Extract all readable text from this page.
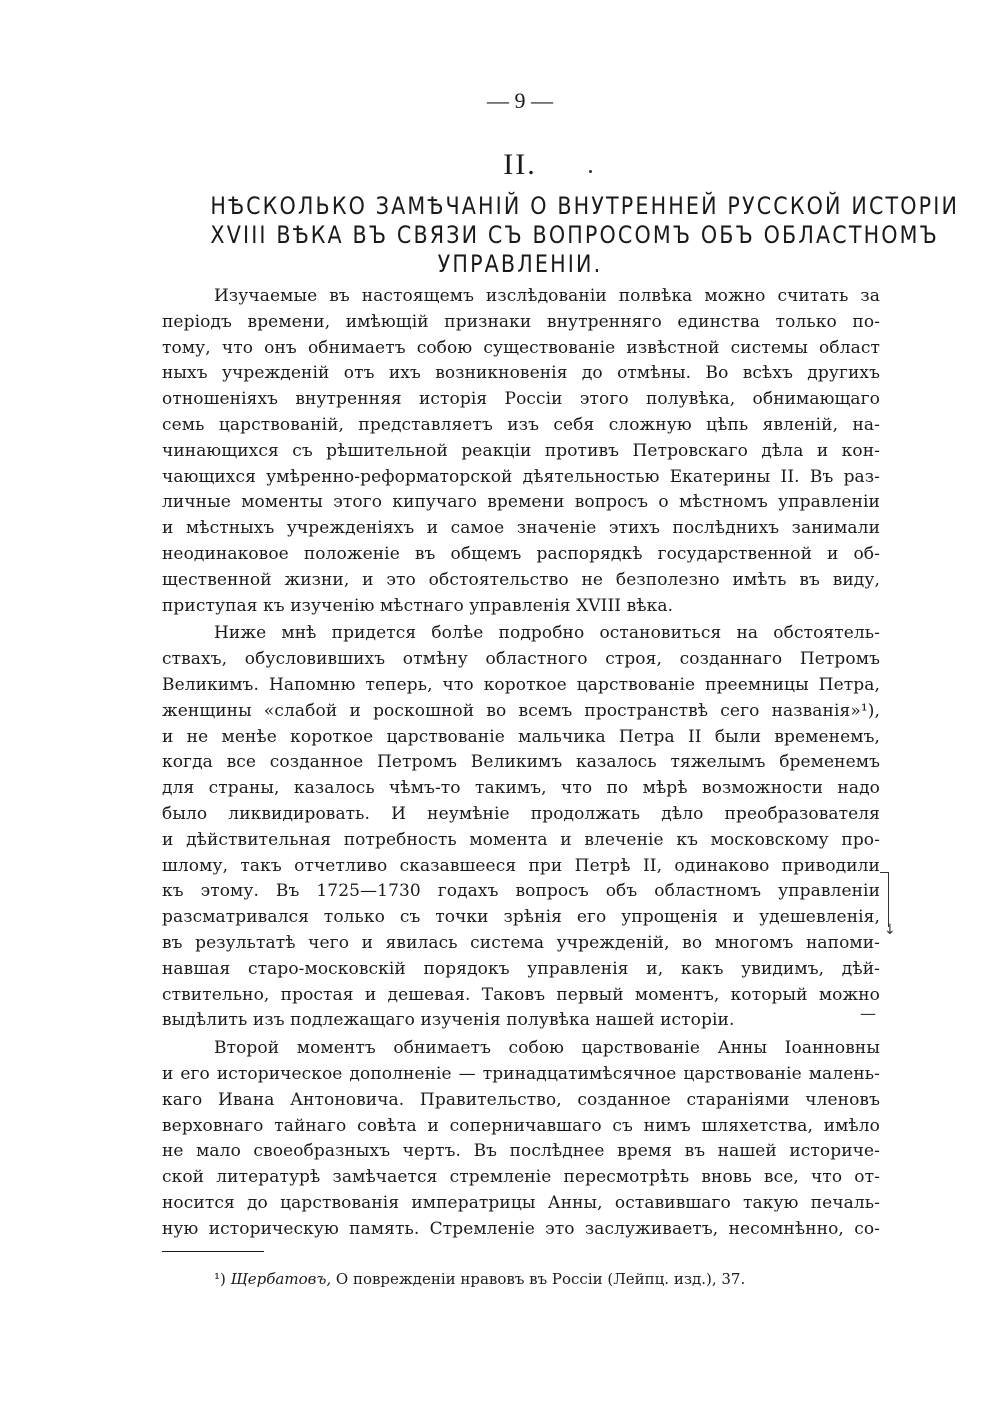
— 9 —
II.
НѢСКОЛЬКО ЗАМѢЧАНІЙ О ВНУТРЕННЕЙ РУССКОЙ ИСТОРІИ
XVIII ВѢКА ВЪ СВЯЗИ СЪ ВОПРОСОМЪ ОБЪ ОБЛАСТНОМЪ
УПРАВЛЕНІИ.

Изучаемые въ настоящемъ изслѣдованіи полвѣка можно считать за
періодъ времени, имѣющій признаки внутренняго единства только по-
тому, что онъ обнимаетъ собою существованіе извѣстной системы област
ныхъ учрежденій отъ ихъ возникновенія до отмѣны. Во всѣхъ другихъ
отношеніяхъ внутренняя исторія Россіи этого полувѣка, обнимающаго
семь царствованій, представляетъ изъ себя сложную цѣпь явленій, на-
чинающихся съ рѣшительной реакціи противъ Петровскаго дѣла и кон-
чающихся умѣренно-реформаторской дѣятельностью Екатерины II. Въ раз-
личные моменты этого кипучаго времени вопросъ о мѣстномъ управленіи
и мѣстныхъ учрежденіяхъ и самое значеніе этихъ послѣднихъ занимали
неодинаковое положеніе въ общемъ распорядкѣ государственной и об-
щественной жизни, и это обстоятельство не безполезно имѣть въ виду,
приступая къ изученію мѣстнаго управленія XVIII вѣка.

Ниже мнѣ придется болѣе подробно остановиться на обстоятель-
ствахъ, обусловившихъ отмѣну областного строя, созданнаго Петромъ
Великимъ. Напомню теперь, что короткое царствованіе преемницы Петра,
женщины «слабой и роскошной во всемъ пространствѣ сего названія»¹),
и не менѣе короткое царствованіе мальчика Петра II были временемъ,
когда все созданное Петромъ Великимъ казалось тяжелымъ бременемъ
для страны, казалось чѣмъ-то такимъ, что по мѣрѣ возможности надо
было ликвидировать. И неумѣніе продолжать дѣло преобразователя
и дѣйствительная потребность момента и влеченіе къ московскому про-
шлому, такъ отчетливо сказавшееся при Петрѣ II, одинаково приводили
къ этому. Въ 1725—1730 годахъ вопросъ объ областномъ управленіи
разсматривался только съ точки зрѣнія его упрощенія и удешевленія,
въ результатѣ чего и явилась система учрежденій, во многомъ напоми-
навшая старо-московскій порядокъ управленія и, какъ увидимъ, дѣй-
ствительно, простая и дешевая. Таковъ первый моментъ, который можно
выдѣлить изъ подлежащаго изученія полувѣка нашей исторіи.

Второй моментъ обнимаетъ собою царствованіе Анны Іоанновны
и его историческое дополненіе — тринадцатимѣсячное царствованіе малень-
каго Ивана Антоновича. Правительство, созданное стараніями членовъ
верховнаго тайнаго совѣта и соперничавшаго съ нимъ шляхетства, имѣло
не мало своеобразныхъ чертъ. Въ послѣднее время въ нашей историче-
ской литературѣ замѣчается стремленіе пересмотрѣть вновь все, что от-
носится до царствованія императрицы Анны, оставившаго такую печаль-
ную историческую память. Стремленіе это заслуживаетъ, несомнѣнно, со-

↓
—
¹) Щербатовъ, О поврежденіи нравовъ въ Россіи (Лейпц. изд.), 37.
